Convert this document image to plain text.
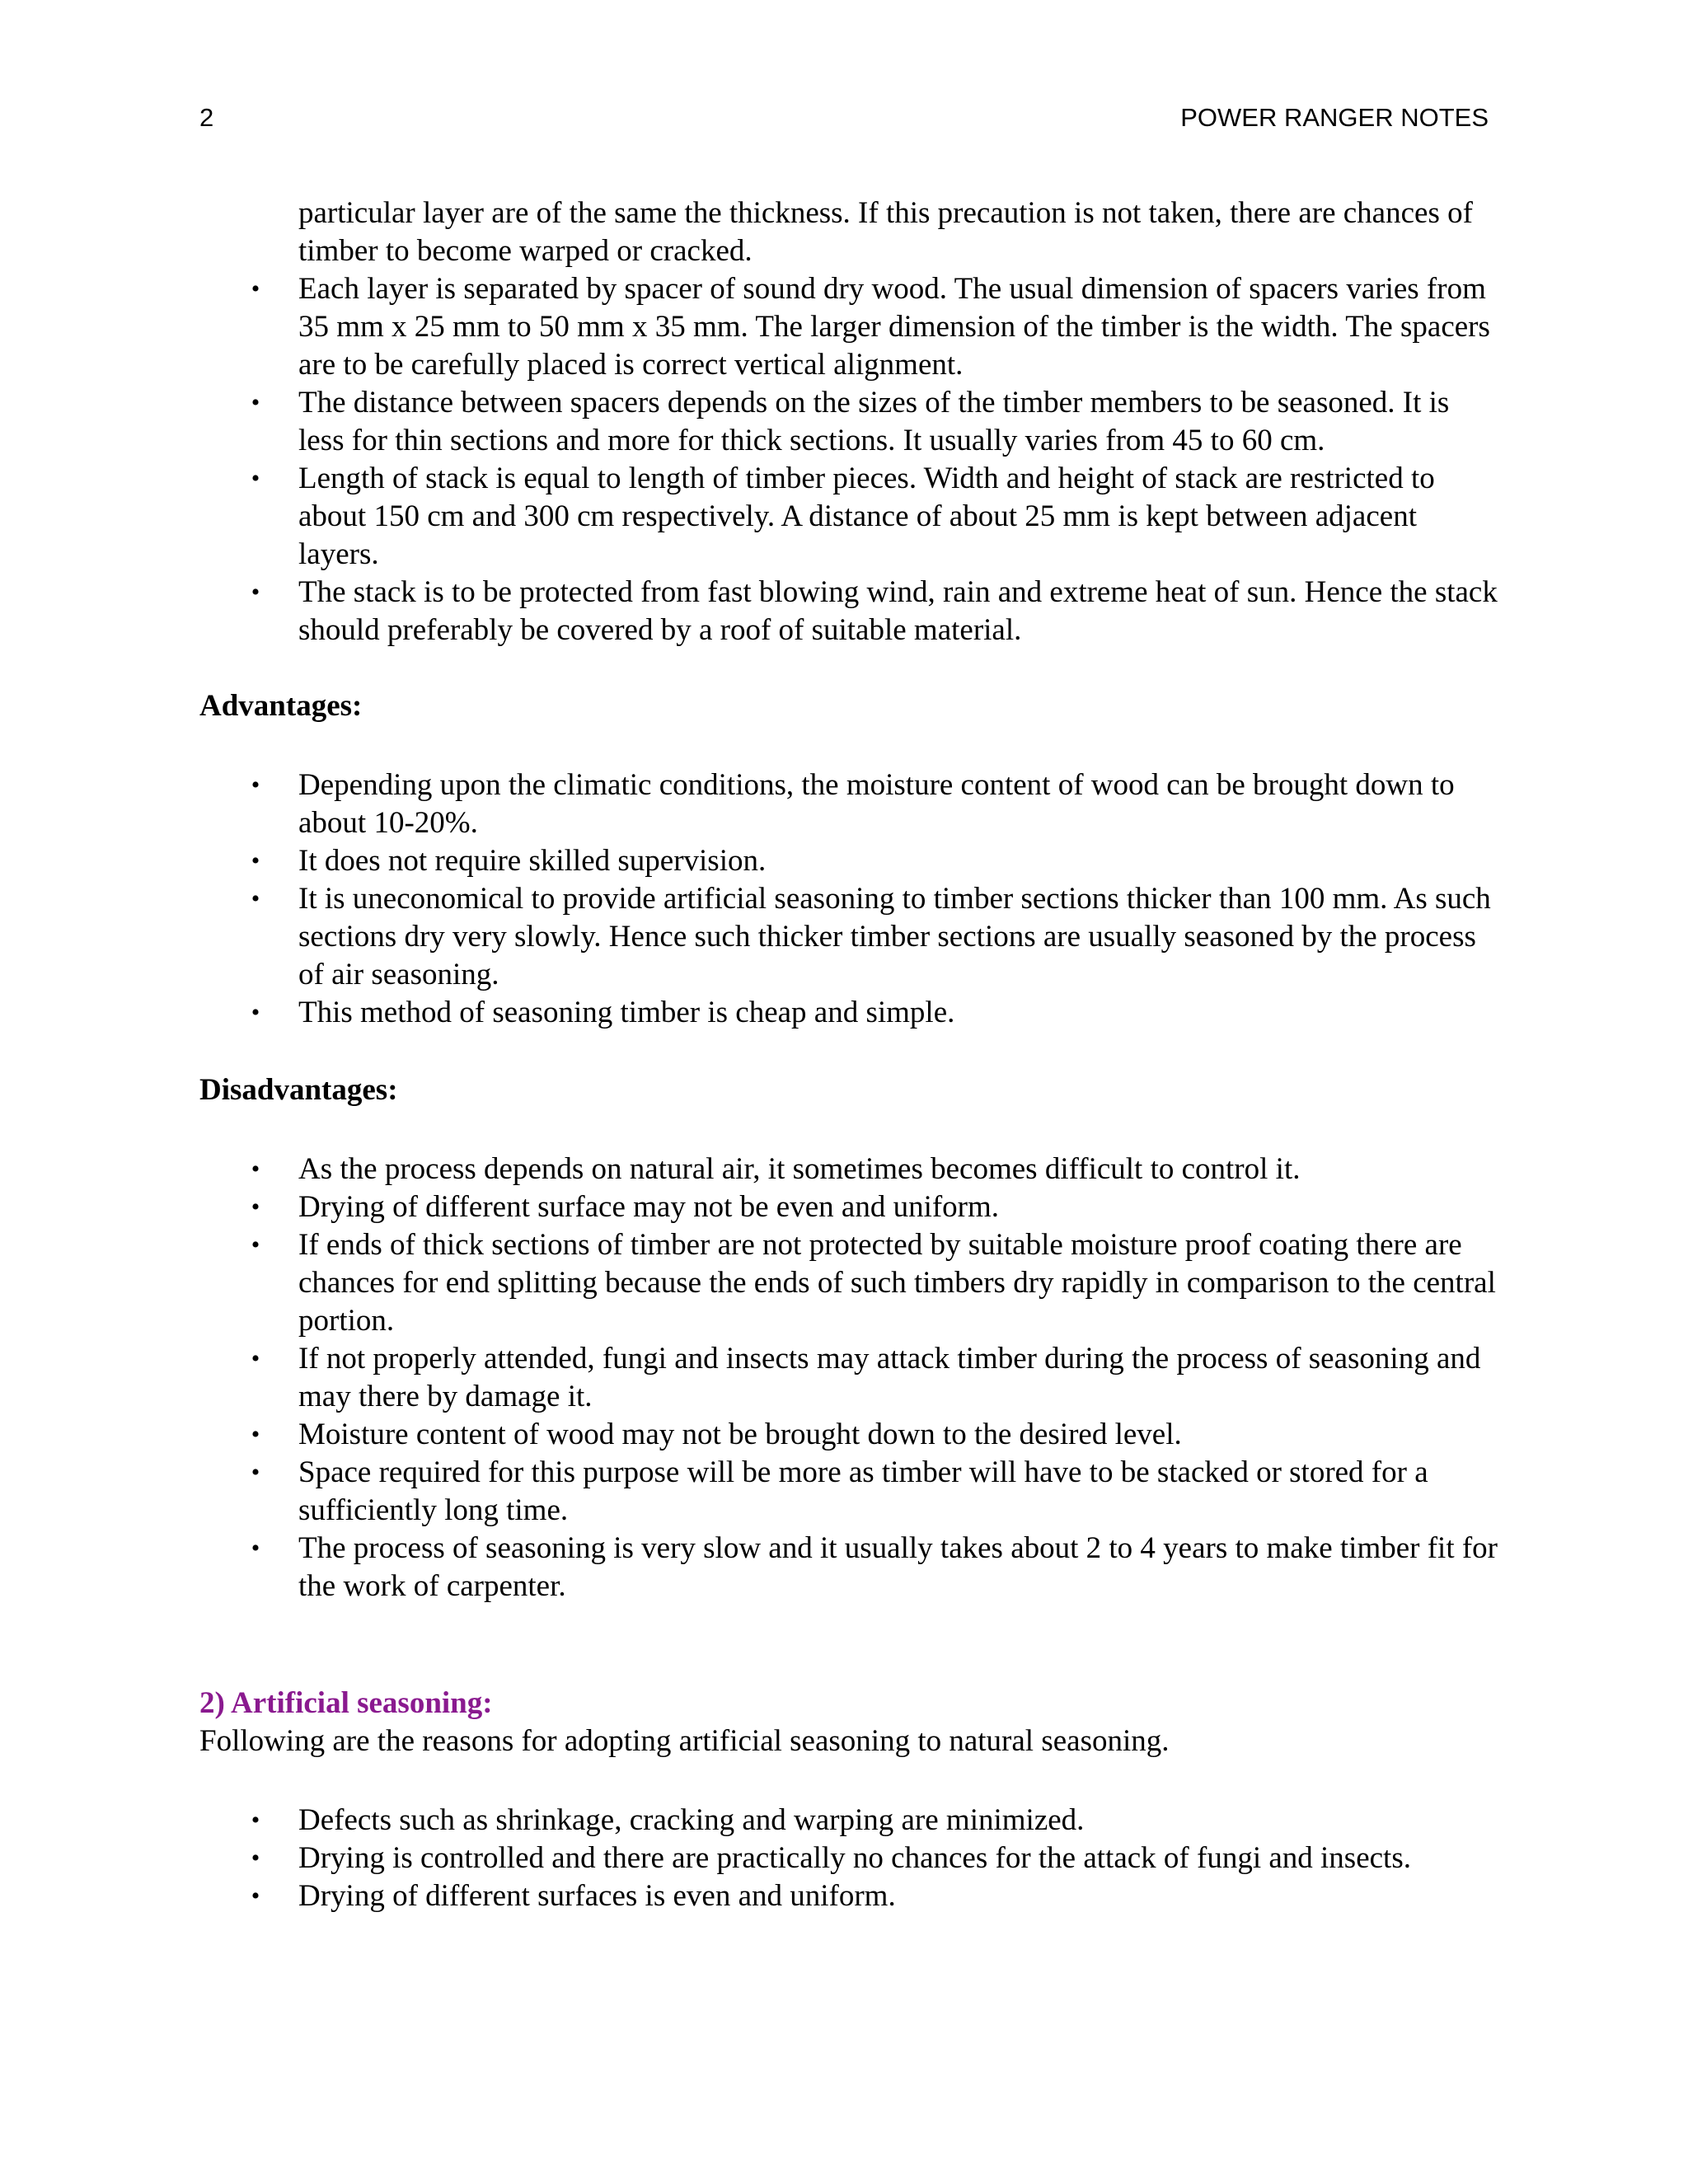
2	POWER RANGER NOTES

particular layer are of the same the thickness. If this precaution is not taken, there are chances of timber to become warped or cracked.

• Each layer is separated by spacer of sound dry wood. The usual dimension of spacers varies from 35 mm x 25 mm to 50 mm x 35 mm. The larger dimension of the timber is the width. The spacers are to be carefully placed is correct vertical alignment.
• The distance between spacers depends on the sizes of the timber members to be seasoned. It is less for thin sections and more for thick sections. It usually varies from 45 to 60 cm.
• Length of stack is equal to length of timber pieces. Width and height of stack are restricted to about 150 cm and 300 cm respectively. A distance of about 25 mm is kept between adjacent layers.
• The stack is to be protected from fast blowing wind, rain and extreme heat of sun. Hence the stack should preferably be covered by a roof of suitable material.

Advantages:

• Depending upon the climatic conditions, the moisture content of wood can be brought down to about 10-20%.
• It does not require skilled supervision.
• It is uneconomical to provide artificial seasoning to timber sections thicker than 100 mm. As such sections dry very slowly. Hence such thicker timber sections are usually seasoned by the process of air seasoning.
• This method of seasoning timber is cheap and simple.

Disadvantages:

• As the process depends on natural air, it sometimes becomes difficult to control it.
• Drying of different surface may not be even and uniform.
• If ends of thick sections of timber are not protected by suitable moisture proof coating there are chances for end splitting because the ends of such timbers dry rapidly in comparison to the central portion.
• If not properly attended, fungi and insects may attack timber during the process of seasoning and may there by damage it.
• Moisture content of wood may not be brought down to the desired level.
• Space required for this purpose will be more as timber will have to be stacked or stored for a sufficiently long time.
• The process of seasoning is very slow and it usually takes about 2 to 4 years to make timber fit for the work of carpenter.

2) Artificial seasoning:

Following are the reasons for adopting artificial seasoning to natural seasoning.

• Defects such as shrinkage, cracking and warping are minimized.
• Drying is controlled and there are practically no chances for the attack of fungi and insects.
• Drying of different surfaces is even and uniform.
